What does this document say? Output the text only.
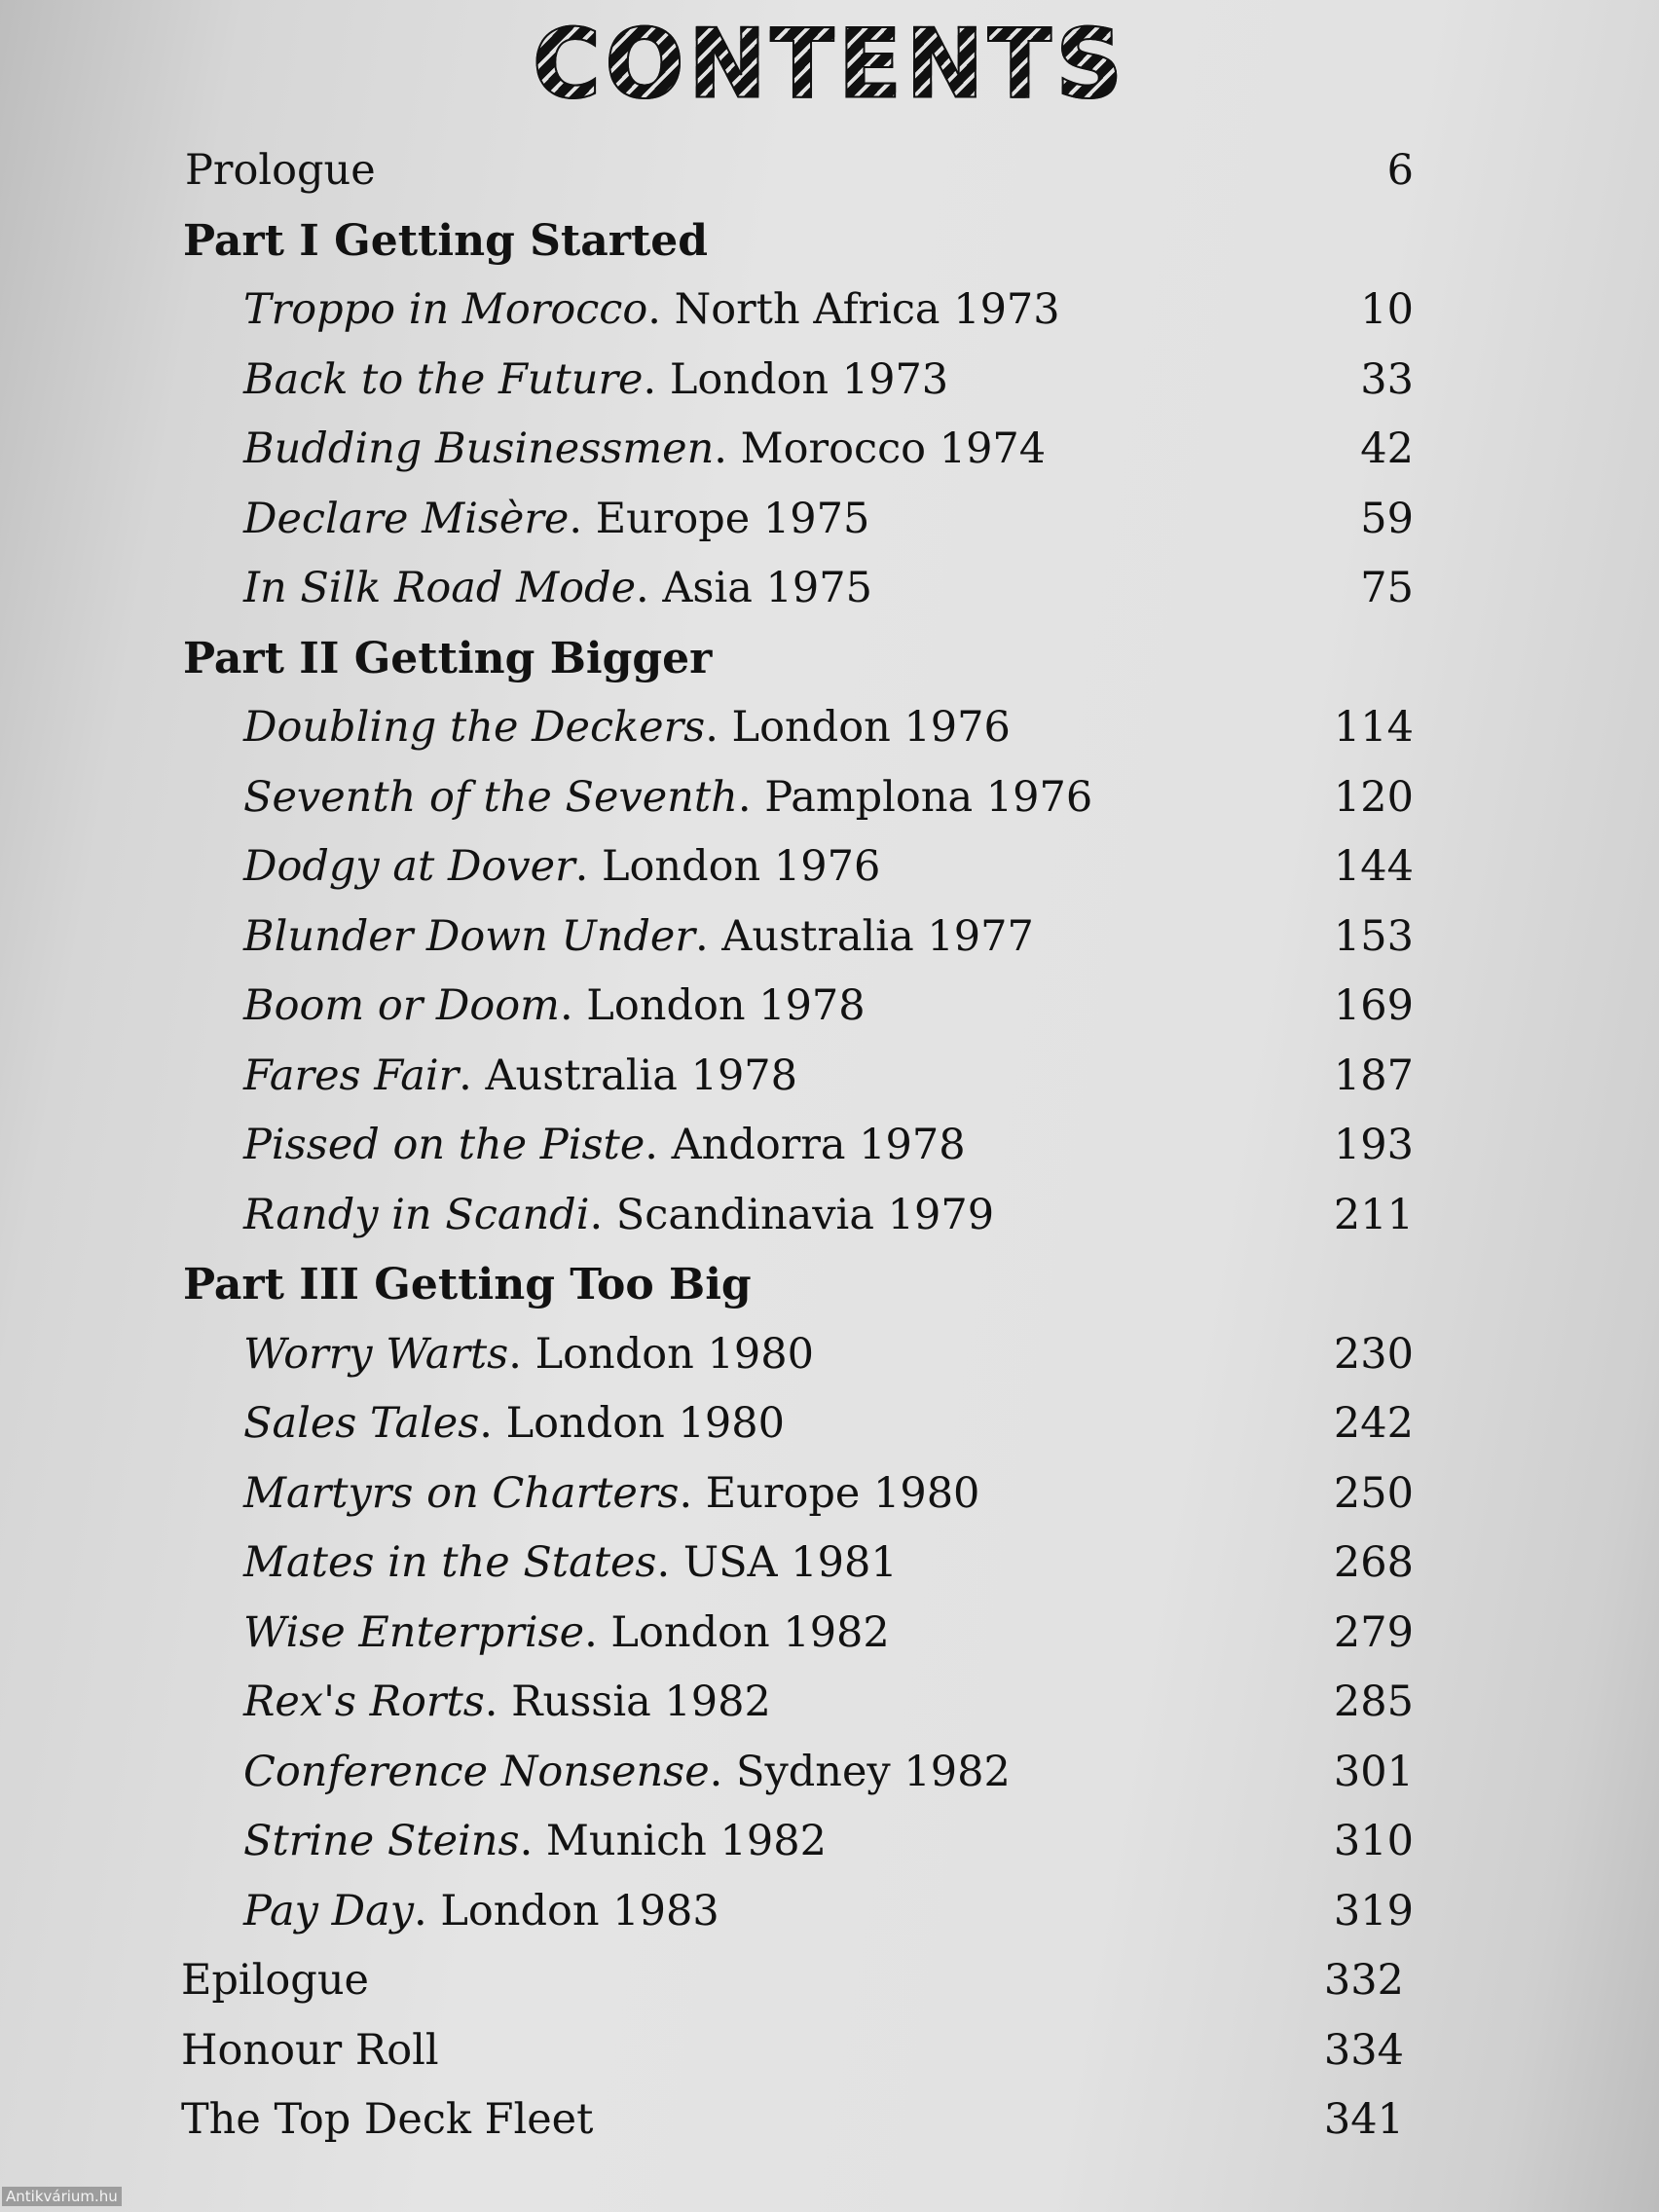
CONTENTS
Prologue	6
Part I Getting Started
Troppo in Morocco. North Africa 1973	10
Back to the Future. London 1973	33
Budding Businessmen. Morocco 1974	42
Declare Misère. Europe 1975	59
In Silk Road Mode. Asia 1975	75
Part II Getting Bigger
Doubling the Deckers. London 1976	114
Seventh of the Seventh. Pamplona 1976	120
Dodgy at Dover. London 1976	144
Blunder Down Under. Australia 1977	153
Boom or Doom. London 1978	169
Fares Fair. Australia 1978	187
Pissed on the Piste. Andorra 1978	193
Randy in Scandi. Scandinavia 1979	211
Part III Getting Too Big
Worry Warts. London 1980	230
Sales Tales. London 1980	242
Martyrs on Charters. Europe 1980	250
Mates in the States. USA 1981	268
Wise Enterprise. London 1982	279
Rex's Rorts. Russia 1982	285
Conference Nonsense. Sydney 1982	301
Strine Steins. Munich 1982	310
Pay Day. London 1983	319
Epilogue	332
Honour Roll	334
The Top Deck Fleet	341
Antikvárium.hu
